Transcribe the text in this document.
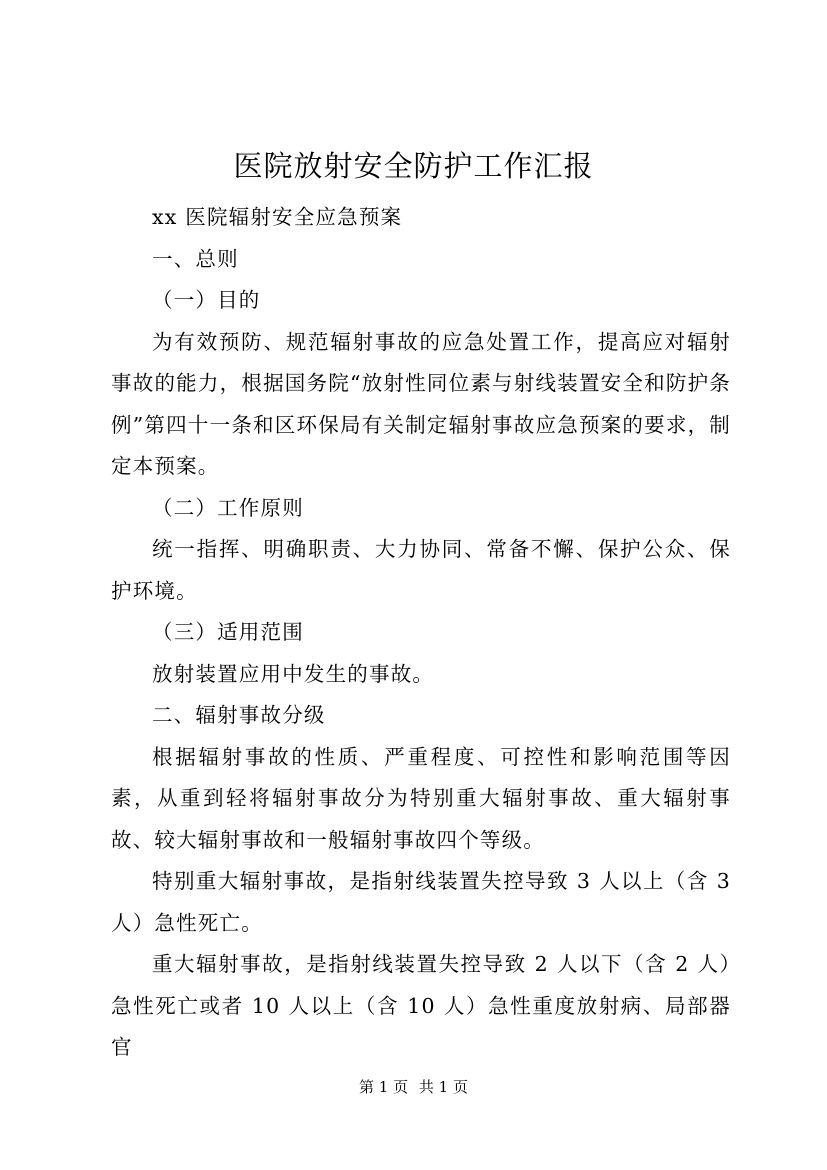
医院放射安全防护工作汇报

xx 医院辐射安全应急预案

一、总则

（一）目的

为有效预防、规范辐射事故的应急处置工作，提高应对辐射事故的能力，根据国务院“放射性同位素与射线装置安全和防护条例”第四十一条和区环保局有关制定辐射事故应急预案的要求，制定本预案。

（二）工作原则

统一指挥、明确职责、大力协同、常备不懈、保护公众、保护环境。

（三）适用范围

放射装置应用中发生的事故。

二、辐射事故分级

根据辐射事故的性质、严重程度、可控性和影响范围等因素，从重到轻将辐射事故分为特别重大辐射事故、重大辐射事故、较大辐射事故和一般辐射事故四个等级。

特别重大辐射事故，是指射线装置失控导致 3 人以上（含 3 人）急性死亡。

重大辐射事故，是指射线装置失控导致 2 人以下（含 2 人）急性死亡或者 10 人以上（含 10 人）急性重度放射病、局部器官

第 1 页 共 1 页
